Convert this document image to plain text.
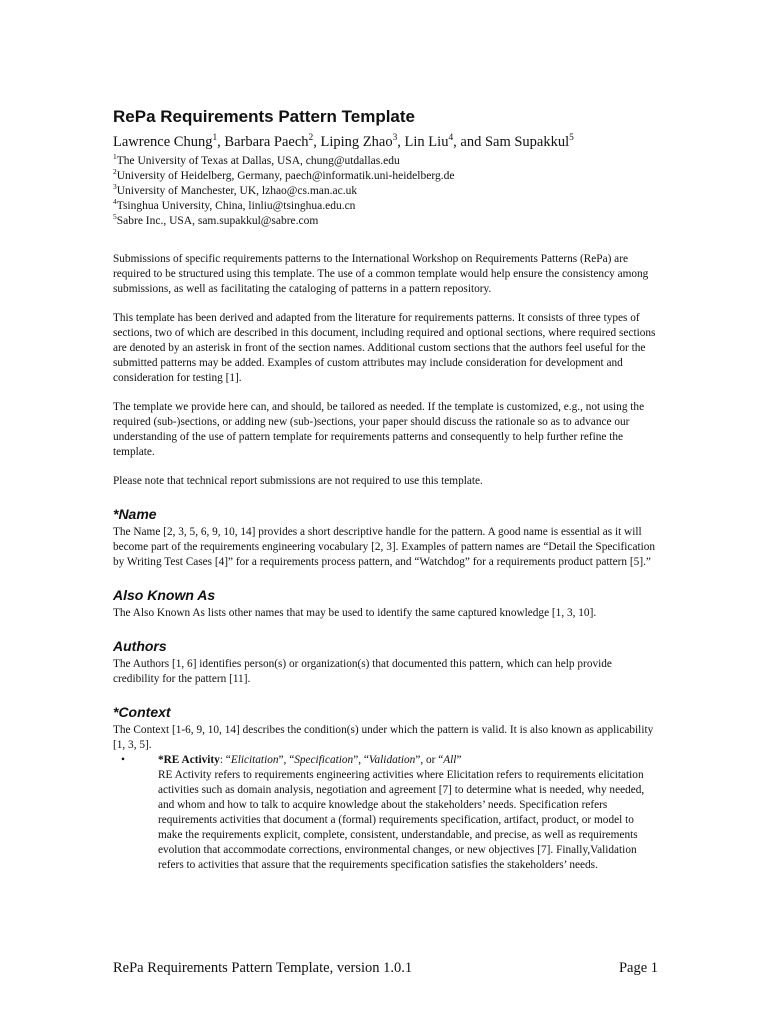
RePa Requirements Pattern Template
Lawrence Chung$^1$, Barbara Paech$^2$, Liping Zhao$^3$, Lin Liu$^4$, and Sam Supakkul$^5$
$^1$The University of Texas at Dallas, USA, chung@utdallas.edu
$^2$University of Heidelberg, Germany, paech@informatik.uni-heidelberg.de
$^3$University of Manchester, UK, lzhao@cs.man.ac.uk
$^4$Tsinghua University, China, linliu@tsinghua.edu.cn
$^5$Sabre Inc., USA, sam.supakkul@sabre.com

Submissions of specific requirements patterns to the International Workshop on Requirements Patterns (RePa) are required to be structured using this template. The use of a common template would help ensure the consistency among submissions, as well as facilitating the cataloging of patterns in a pattern repository.

This template has been derived and adapted from the literature for requirements patterns. It consists of three types of sections, two of which are described in this document, including required and optional sections, where required sections are denoted by an asterisk in front of the section names. Additional custom sections that the authors feel useful for the submitted patterns may be added. Examples of custom attributes may include consideration for development and consideration for testing [1].

The template we provide here can, and should, be tailored as needed. If the template is customized, e.g., not using the required (sub-)sections, or adding new (sub-)sections, your paper should discuss the rationale so as to advance our understanding of the use of pattern template for requirements patterns and consequently to help further refine the template.

Please note that technical report submissions are not required to use this template.

*Name

The Name [2, 3, 5, 6, 9, 10, 14] provides a short descriptive handle for the pattern. A good name is essential as it will become part of the requirements engineering vocabulary [2, 3]. Examples of pattern names are “Detail the Specification by Writing Test Cases [4]” for a requirements process pattern, and “Watchdog” for a requirements product pattern [5].”

Also Known As

The Also Known As lists other names that may be used to identify the same captured knowledge [1, 3, 10].

Authors

The Authors [1, 6] identifies person(s) or organization(s) that documented this pattern, which can help provide credibility for the pattern [11].

*Context

The Context [1-6, 9, 10, 14] describes the condition(s) under which the pattern is valid. It is also known as applicability [1, 3, 5].

•	*RE Activity: “Elicitation”, “Specification”, “Validation”, or “All”
RE Activity refers to requirements engineering activities where Elicitation refers to requirements elicitation activities such as domain analysis, negotiation and agreement [7] to determine what is needed, why needed, and whom and how to talk to acquire knowledge about the stakeholders’ needs. Specification refers requirements activities that document a (formal) requirements specification, artifact, product, or model to make the requirements explicit, complete, consistent, understandable, and precise, as well as requirements evolution that accommodate corrections, environmental changes, or new objectives [7]. Finally,Validation refers to activities that assure that the requirements specification satisfies the stakeholders’ needs.
RePa Requirements Pattern Template, version 1.0.1	Page 1
